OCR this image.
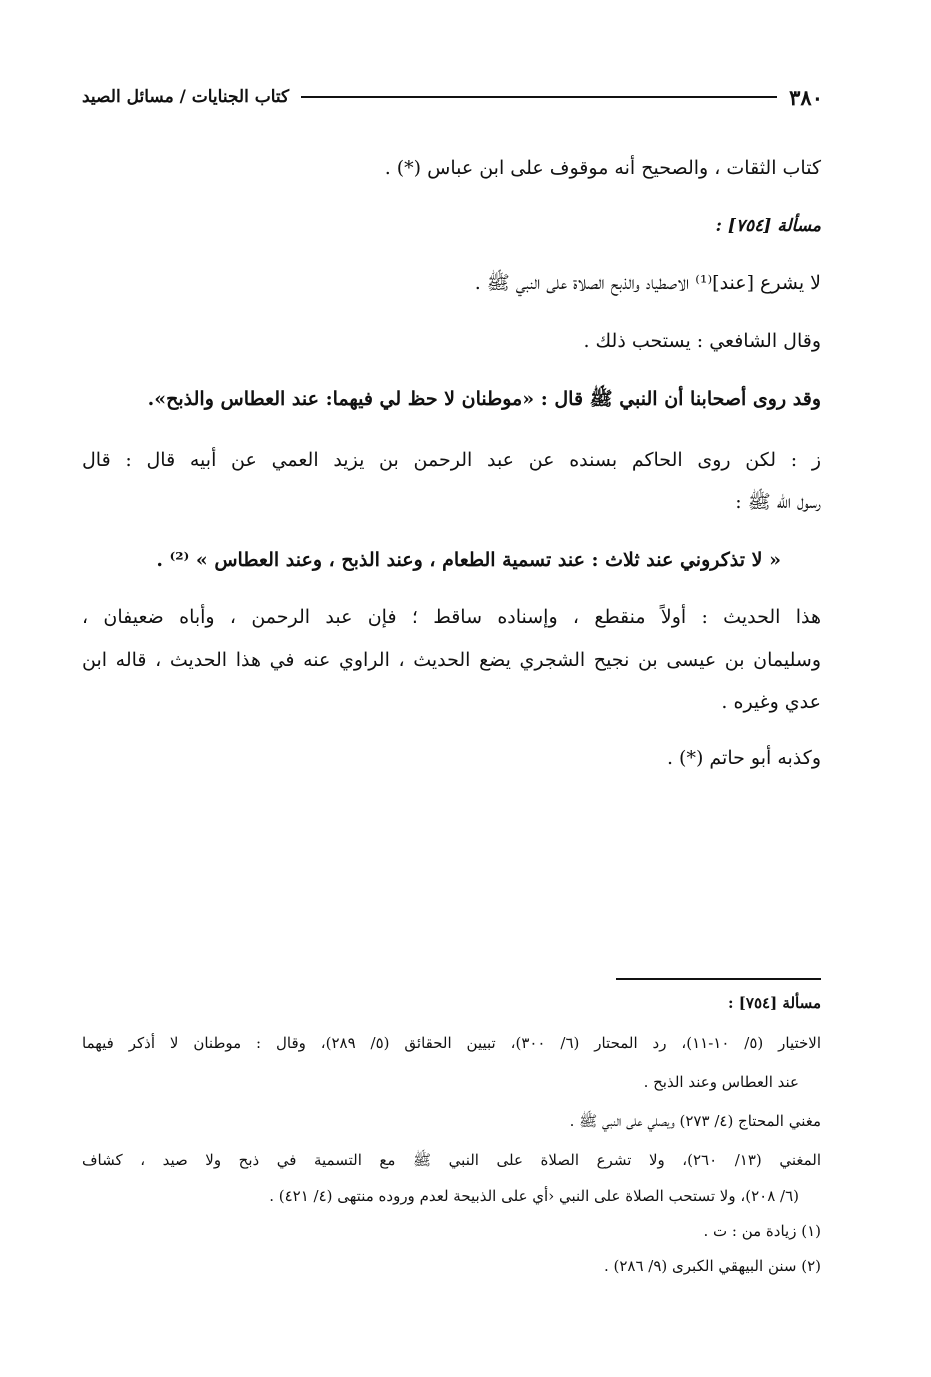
٣٨٠
كتاب الجنايات / مسائل الصيد
كتاب الثقات ، والصحيح أنه موقوف على ابن عباس (*) .
مسألة [٧٥٤] :
لا يشرع [عند]⁽¹⁾ الاصطياد والذبح الصلاة على النبي ﷺ .
وقال الشافعي : يستحب ذلك .
وقد روى أصحابنا أن النبي ﷺ قال : «موطنان لا حظ لي فيهما: عند العطاس والذبح».
ز : لكن روى الحاكم بسنده عن عبد الرحمن بن يزيد العمي عن أبيه قال : قال
رسول الله ﷺ :
« لا تذكروني عند ثلاث : عند تسمية الطعام ، وعند الذبح ، وعند العطاس » ⁽²⁾ .
هذا الحديث : أولاً منقطع ، وإسناده ساقط ؛ فإن عبد الرحمن ، وأباه ضعيفان ،
وسليمان بن عيسى بن نجيح الشجري يضع الحديث ، الراوي عنه في هذا الحديث ، قاله ابن
عدي وغيره .
وكذبه أبو حاتم (*) .
مسألة [٧٥٤] :
الاختيار (٥/ ١٠-١١)، رد المحتار (٦/ ٣٠٠)، تبيين الحقائق (٥/ ٢٨٩)، وقال : موطنان لا أذكر فيهما
عند العطاس وعند الذبح .
مغني المحتاج (٤/ ٢٧٣) ويصلي على النبي ﷺ .
المغني (١٣/ ٢٦٠)، ولا تشرع الصلاة على النبي ﷺ مع التسمية في ذبح ولا صيد ، كشاف
(٦/ ٢٠٨)، ولا تستحب الصلاة على النبي ‹أي على الذبيحة لعدم وروده منتهى (٤/ ٤٢١) .
(١) زيادة من : ت .
(٢) سنن البيهقي الكبرى (٩/ ٢٨٦) .
